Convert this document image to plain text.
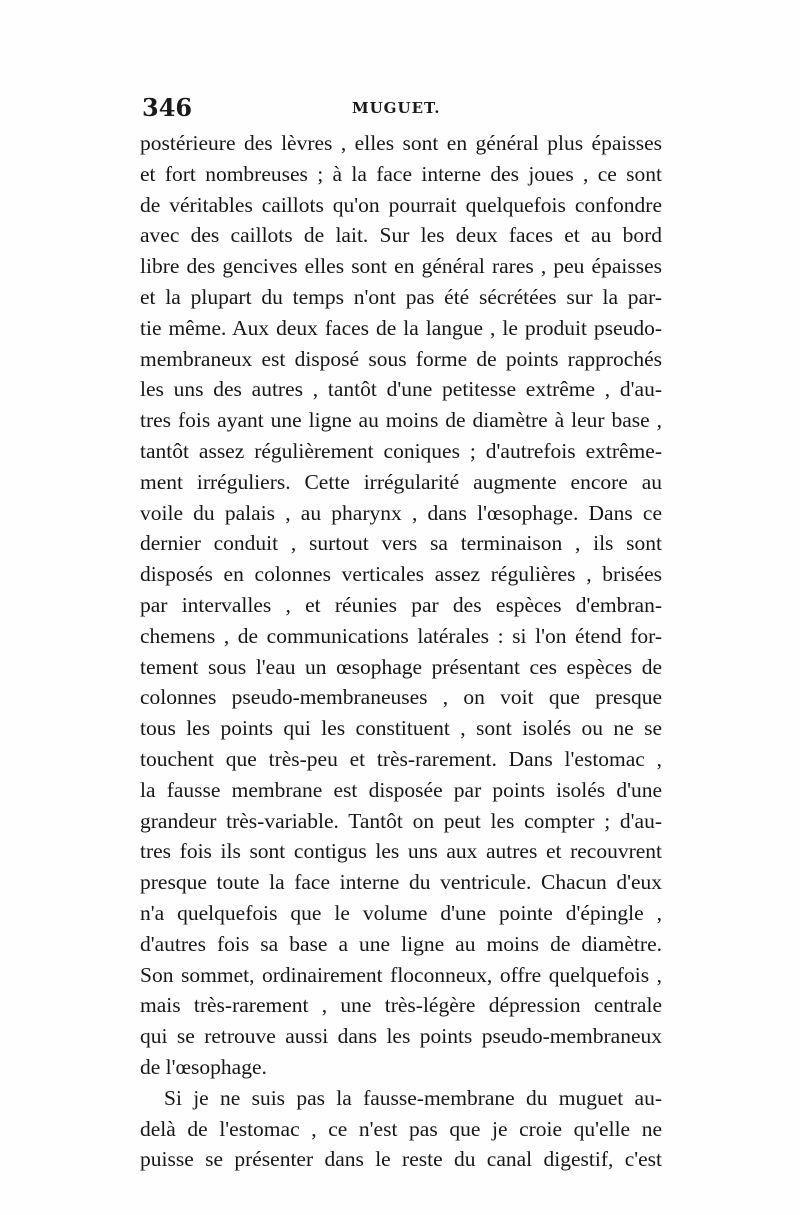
346	MUGUET.
postérieure des lèvres , elles sont en général plus épaisses
et fort nombreuses ; à la face interne des joues , ce sont
de véritables caillots qu'on pourrait quelquefois confondre
avec des caillots de lait. Sur les deux faces et au bord
libre des gencives elles sont en général rares , peu épaisses
et la plupart du temps n'ont pas été sécrétées sur la par-
tie même. Aux deux faces de la langue , le produit pseudo-
membraneux est disposé sous forme de points rapprochés
les uns des autres , tantôt d'une petitesse extrême , d'au-
tres fois ayant une ligne au moins de diamètre à leur base ,
tantôt assez régulièrement coniques ; d'autrefois extrême-
ment irréguliers. Cette irrégularité augmente encore au
voile du palais , au pharynx , dans l'œsophage. Dans ce
dernier conduit , surtout vers sa terminaison , ils sont
disposés en colonnes verticales assez régulières , brisées
par intervalles , et réunies par des espèces d'embran-
chemens , de communications latérales : si l'on étend for-
tement sous l'eau un œsophage présentant ces espèces de
colonnes pseudo-membraneuses , on voit que presque
tous les points qui les constituent , sont isolés ou ne se
touchent que très-peu et très-rarement. Dans l'estomac ,
la fausse membrane est disposée par points isolés d'une
grandeur très-variable. Tantôt on peut les compter ; d'au-
tres fois ils sont contigus les uns aux autres et recouvrent
presque toute la face interne du ventricule. Chacun d'eux
n'a quelquefois que le volume d'une pointe d'épingle ,
d'autres fois sa base a une ligne au moins de diamètre.
Son sommet, ordinairement floconneux, offre quelquefois ,
mais très-rarement , une très-légère dépression centrale
qui se retrouve aussi dans les points pseudo-membraneux
de l'œsophage.
Si je ne suis pas la fausse-membrane du muguet au-
delà de l'estomac , ce n'est pas que je croie qu'elle ne
puisse se présenter dans le reste du canal digestif, c'est
